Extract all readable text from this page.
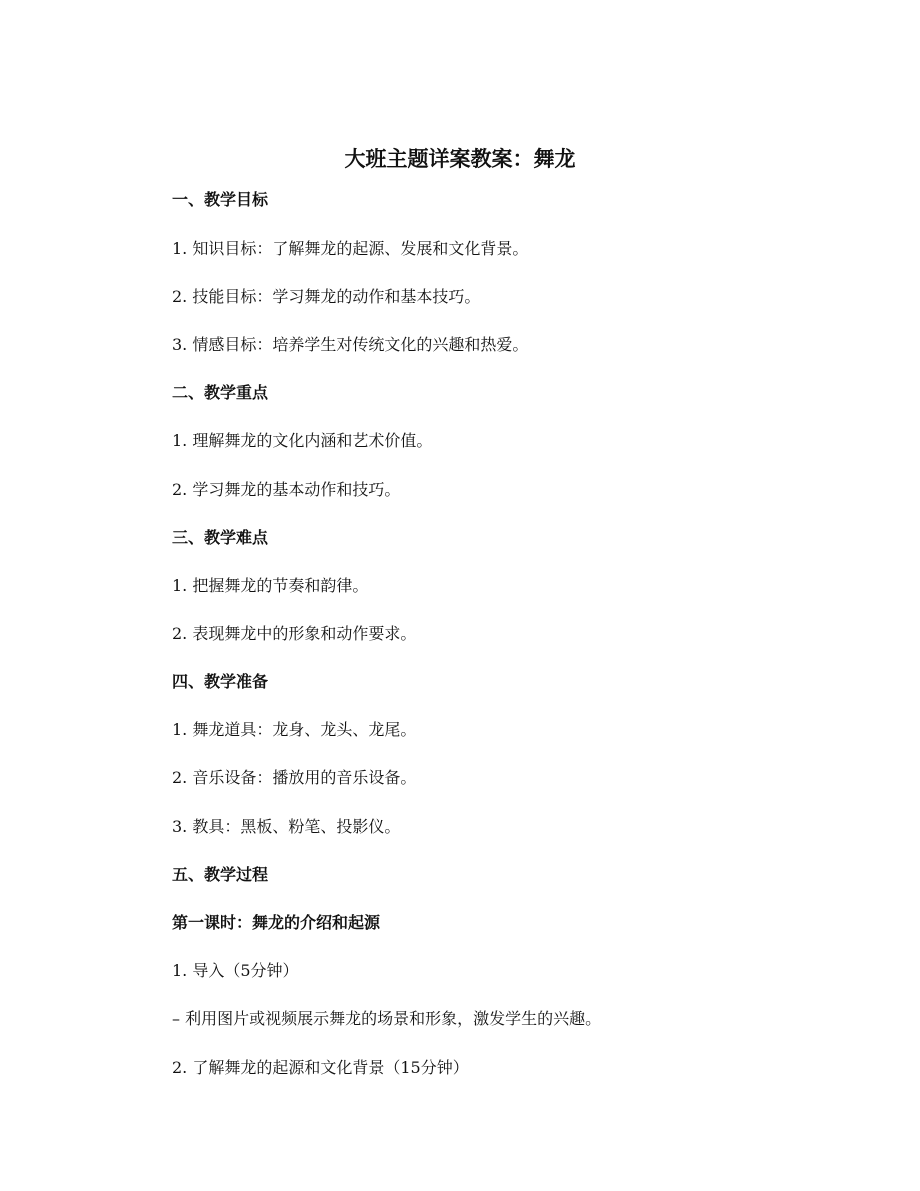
大班主题详案教案：舞龙

一、教学目标

1. 知识目标：了解舞龙的起源、发展和文化背景。

2. 技能目标：学习舞龙的动作和基本技巧。

3. 情感目标：培养学生对传统文化的兴趣和热爱。

二、教学重点

1. 理解舞龙的文化内涵和艺术价值。

2. 学习舞龙的基本动作和技巧。

三、教学难点

1. 把握舞龙的节奏和韵律。

2. 表现舞龙中的形象和动作要求。

四、教学准备

1. 舞龙道具：龙身、龙头、龙尾。

2. 音乐设备：播放用的音乐设备。

3. 教具：黑板、粉笔、投影仪。

五、教学过程

第一课时：舞龙的介绍和起源

1. 导入（5分钟）

– 利用图片或视频展示舞龙的场景和形象，激发学生的兴趣。

2. 了解舞龙的起源和文化背景（15分钟）
